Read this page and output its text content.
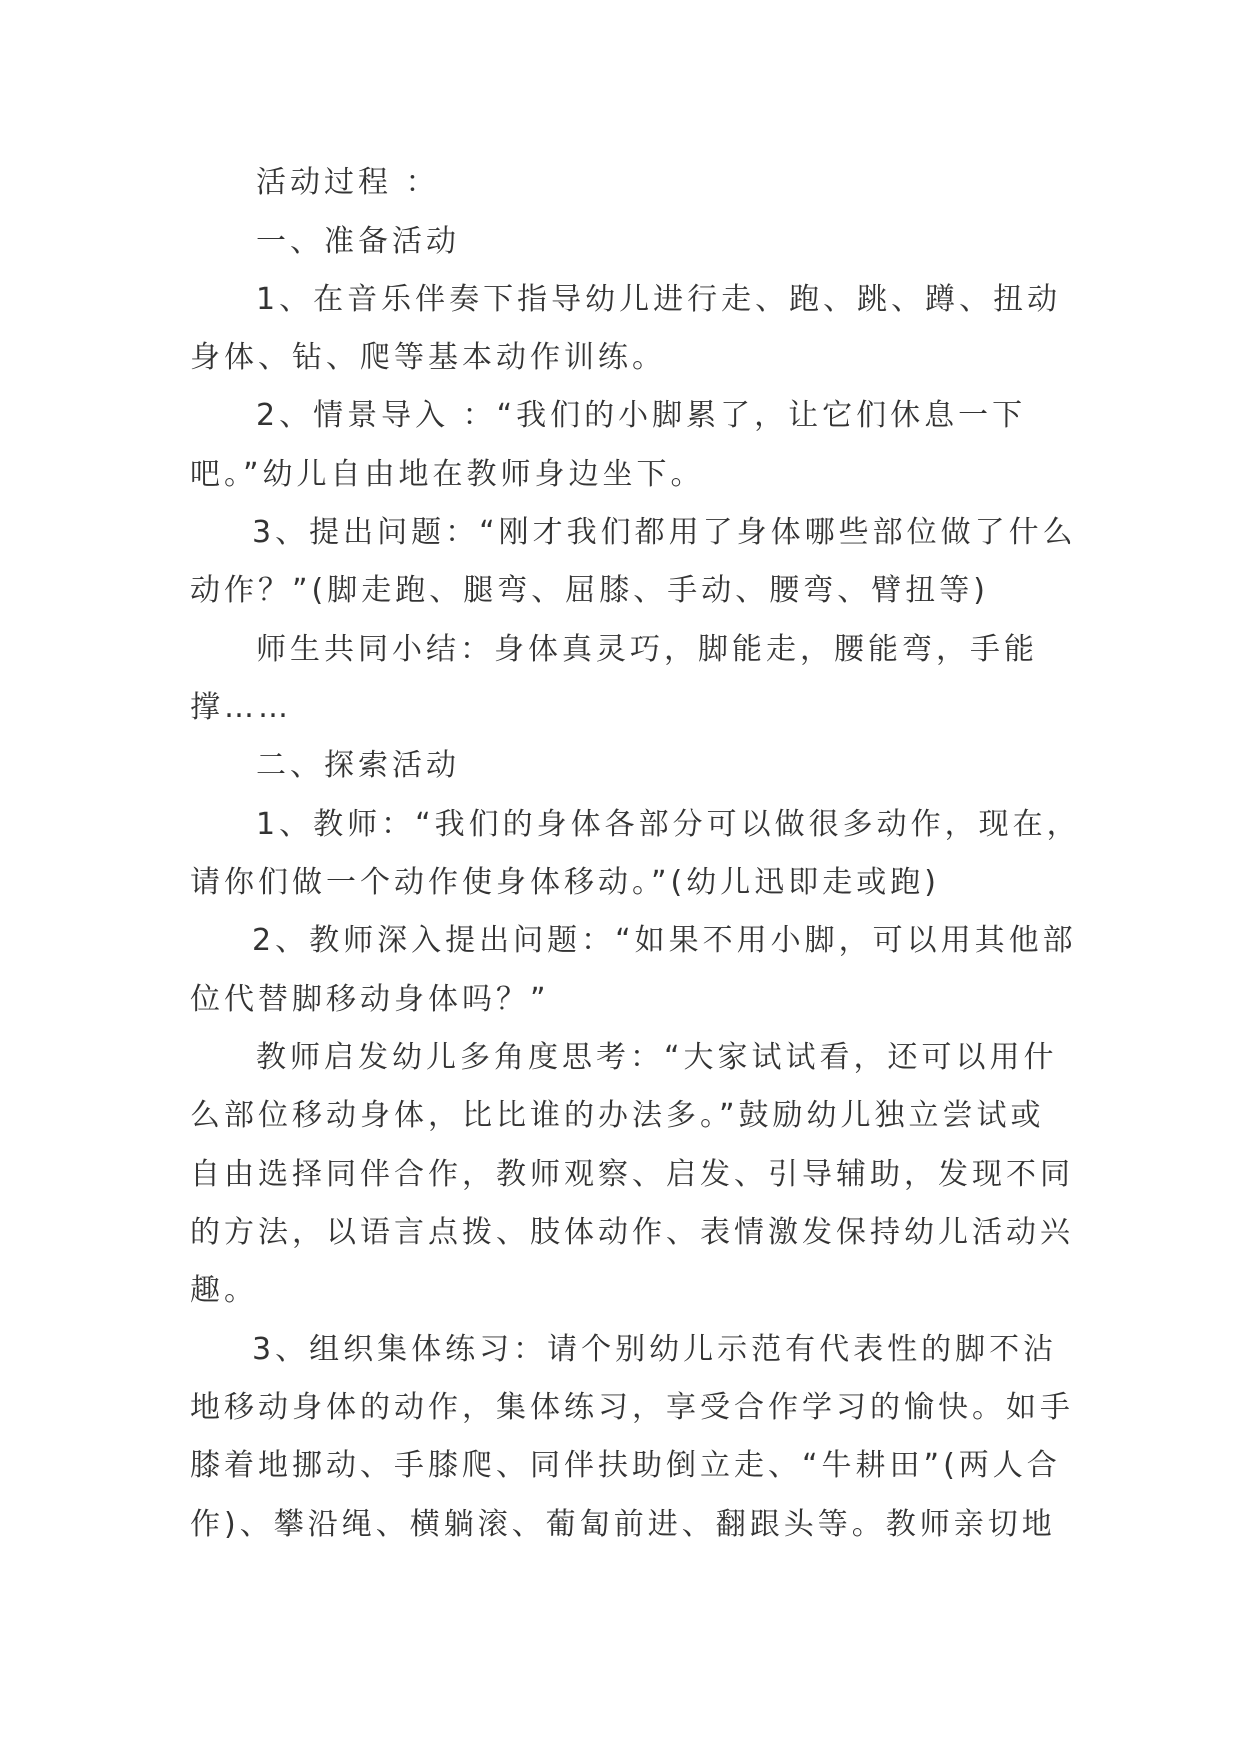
活动过程 ：

一、准备活动

1、在音乐伴奏下指导幼儿进行走、跑、跳、蹲、扭动

身体、钻、爬等基本动作训练。

2、情景导入 ：“我们的小脚累了，让它们休息一下

吧。”幼儿自由地在教师身边坐下。

3、提出问题：“刚才我们都用了身体哪些部位做了什么

动作？”(脚走跑、腿弯、屈膝、手动、腰弯、臂扭等)

师生共同小结：身体真灵巧，脚能走，腰能弯，手能

撑……

二、探索活动

1、教师：“我们的身体各部分可以做很多动作，现在，

请你们做一个动作使身体移动。”(幼儿迅即走或跑)

2、教师深入提出问题：“如果不用小脚，可以用其他部

位代替脚移动身体吗？”

教师启发幼儿多角度思考：“大家试试看，还可以用什

么部位移动身体，比比谁的办法多。”鼓励幼儿独立尝试或

自由选择同伴合作，教师观察、启发、引导辅助，发现不同

的方法，以语言点拨、肢体动作、表情激发保持幼儿活动兴

趣。

3、组织集体练习：请个别幼儿示范有代表性的脚不沾

地移动身体的动作，集体练习，享受合作学习的愉快。如手

膝着地挪动、手膝爬、同伴扶助倒立走、“牛耕田”(两人合

作)、攀沿绳、横躺滚、葡匐前进、翻跟头等。教师亲切地
